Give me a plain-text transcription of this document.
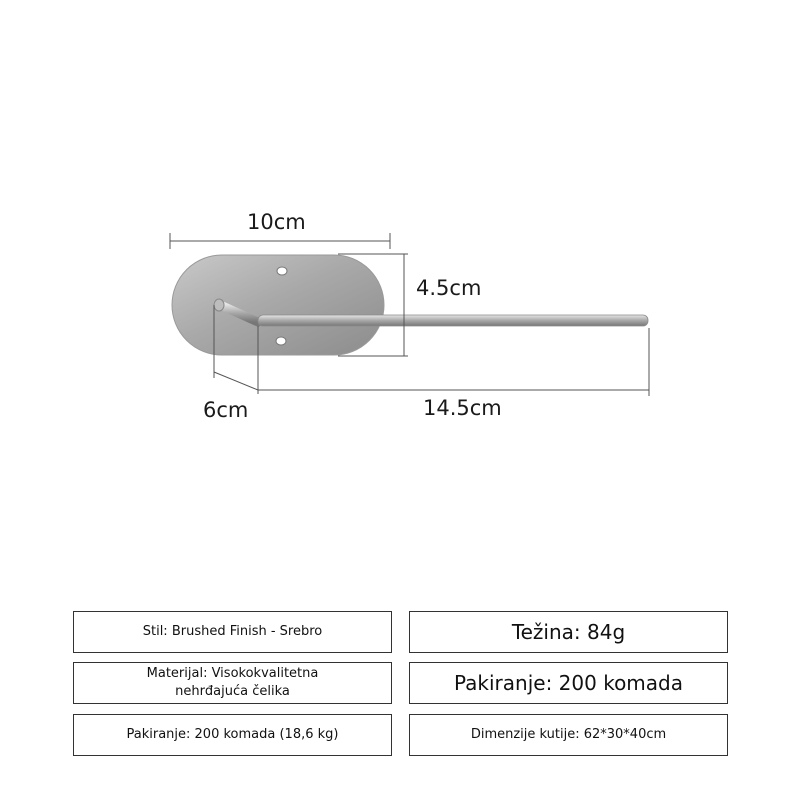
10cm
4.5cm
6cm	14.5cm
Stil: Brushed Finish - Srebro	Težina: 84g
Materijal: Visokokvalitetna
nehrđajuća čelika	Pakiranje: 200 komada
Pakiranje: 200 komada (18,6 kg)	Dimenzije kutije: 62*30*40cm
